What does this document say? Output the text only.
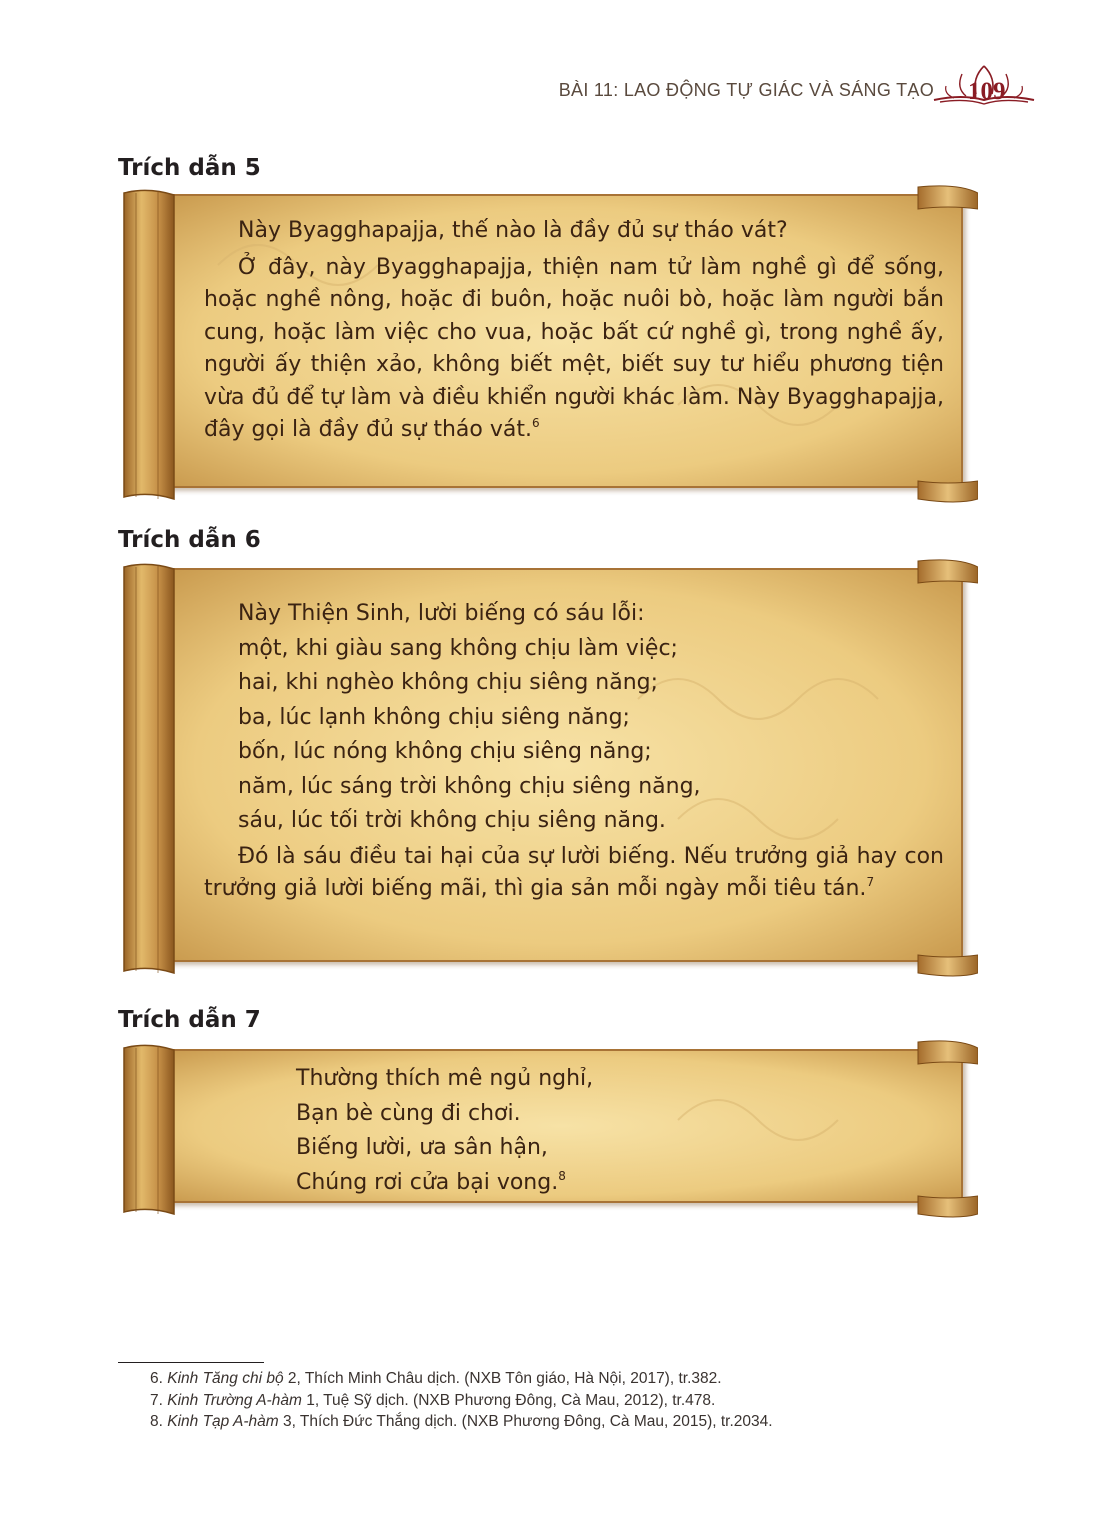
BÀI 11: LAO ĐỘNG TỰ GIÁC VÀ SÁNG TẠO 109
Trích dẫn 5

Này Byagghapajja, thế nào là đầy đủ sự tháo vát?

Ở đây, này Byagghapajja, thiện nam tử làm nghề gì để sống, hoặc nghề nông, hoặc đi buôn, hoặc nuôi bò, hoặc làm người bắn cung, hoặc làm việc cho vua, hoặc bất cứ nghề gì, trong nghề ấy, người ấy thiện xảo, không biết mệt, biết suy tư hiểu phương tiện vừa đủ để tự làm và điều khiển người khác làm. Này Byagghapajja, đây gọi là đầy đủ sự tháo vát.$^6$

Trích dẫn 6

Này Thiện Sinh, lười biếng có sáu lỗi:

một, khi giàu sang không chịu làm việc;

hai, khi nghèo không chịu siêng năng;

ba, lúc lạnh không chịu siêng năng;

bốn, lúc nóng không chịu siêng năng;

năm, lúc sáng trời không chịu siêng năng,

sáu, lúc tối trời không chịu siêng năng.

Đó là sáu điều tai hại của sự lười biếng. Nếu trưởng giả hay con trưởng giả lười biếng mãi, thì gia sản mỗi ngày mỗi tiêu tán.$^7$

Trích dẫn 7

Thường thích mê ngủ nghỉ,

Bạn bè cùng đi chơi.

Biếng lười, ưa sân hận,

Chúng rơi cửa bại vong.$^8$

6. Kinh Tăng chi bộ 2, Thích Minh Châu dịch. (NXB Tôn giáo, Hà Nội, 2017), tr.382.
7. Kinh Trường A-hàm 1, Tuệ Sỹ dịch. (NXB Phương Đông, Cà Mau, 2012), tr.478.
8. Kinh Tạp A-hàm 3, Thích Đức Thắng dịch. (NXB Phương Đông, Cà Mau, 2015), tr.2034.
